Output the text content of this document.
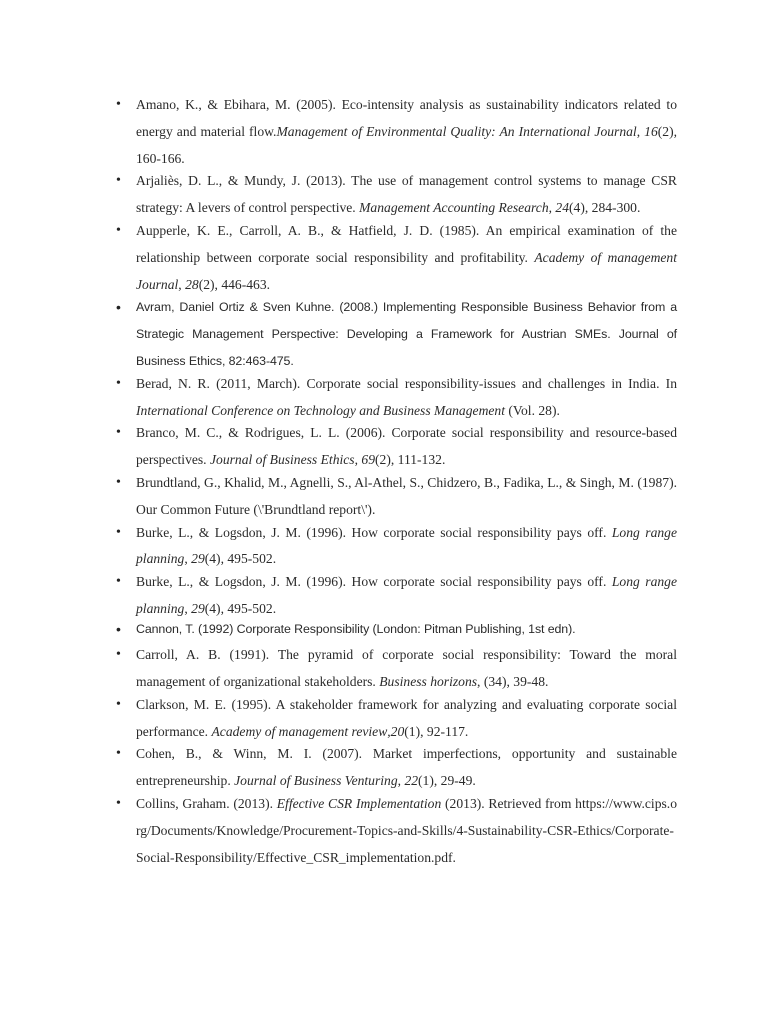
• Amano, K., & Ebihara, M. (2005). Eco-intensity analysis as sustainability indicators related to energy and material flow.Management of Environmental Quality: An International Journal, 16(2), 160-166.
• Arjaliès, D. L., & Mundy, J. (2013). The use of management control systems to manage CSR strategy: A levers of control perspective. Management Accounting Research, 24(4), 284-300.
• Aupperle, K. E., Carroll, A. B., & Hatfield, J. D. (1985). An empirical examination of the relationship between corporate social responsibility and profitability. Academy of management Journal, 28(2), 446-463.
• Avram, Daniel Ortiz & Sven Kuhne. (2008.) Implementing Responsible Business Behavior from a Strategic Management Perspective: Developing a Framework for Austrian SMEs. Journal of Business Ethics, 82:463-475.
• Berad, N. R. (2011, March). Corporate social responsibility-issues and challenges in India. In International Conference on Technology and Business Management (Vol. 28).
• Branco, M. C., & Rodrigues, L. L. (2006). Corporate social responsibility and resource-based perspectives. Journal of Business Ethics, 69(2), 111-132.
• Brundtland, G., Khalid, M., Agnelli, S., Al-Athel, S., Chidzero, B., Fadika, L., & Singh, M. (1987). Our Common Future (\'Brundtland report\').
• Burke, L., & Logsdon, J. M. (1996). How corporate social responsibility pays off. Long range planning, 29(4), 495-502.
• Burke, L., & Logsdon, J. M. (1996). How corporate social responsibility pays off. Long range planning, 29(4), 495-502.
• Cannon, T. (1992) Corporate Responsibility (London: Pitman Publishing, 1st edn).
• Carroll, A. B. (1991). The pyramid of corporate social responsibility: Toward the moral management of organizational stakeholders. Business horizons, (34), 39-48.
• Clarkson, M. E. (1995). A stakeholder framework for analyzing and evaluating corporate social performance. Academy of management review,20(1), 92-117.
• Cohen, B., & Winn, M. I. (2007). Market imperfections, opportunity and sustainable entrepreneurship. Journal of Business Venturing, 22(1), 29-49.
• Collins, Graham. (2013). Effective CSR Implementation (2013). Retrieved from https://www.cips.org/Documents/Knowledge/Procurement-Topics-and-Skills/4-Sustainability-CSR-Ethics/Corporate-Social-Responsibility/Effective_CSR_implementation.pdf.
